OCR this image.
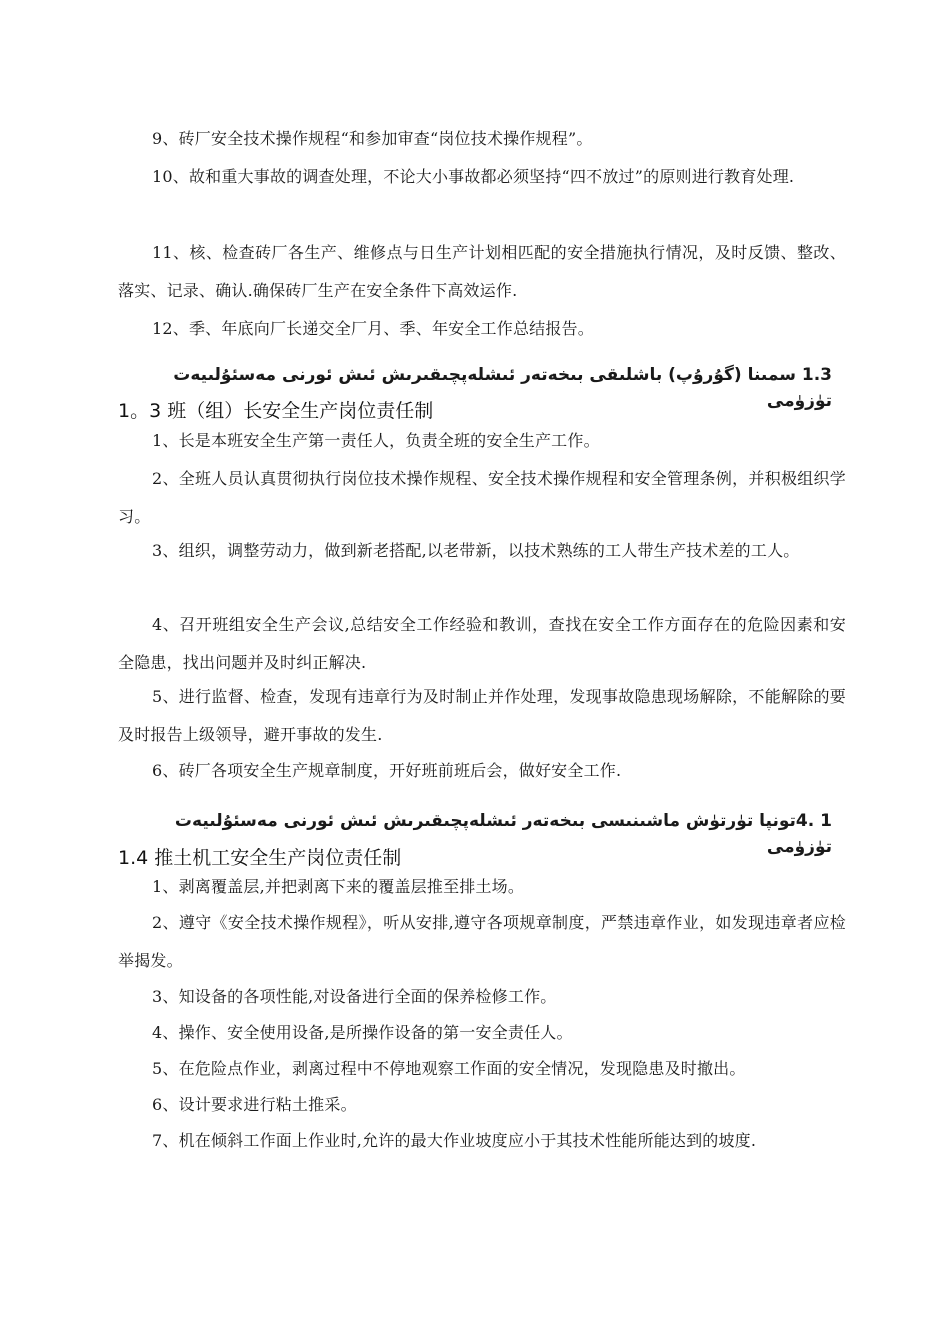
9、砖厂安全技术操作规程“和参加审查“岗位技术操作规程”。

10、故和重大事故的调查处理，不论大小事故都必须坚持“四不放过”的原则进行教育处理.

11、核、检查砖厂各生产、维修点与日生产计划相匹配的安全措施执行情况，及时反馈、整改、落实、记录、确认.确保砖厂生产在安全条件下高效运作.

12、季、年底向厂长递交全厂月、季、年安全工作总结报告。

1.3 سمىنا (گۇرۇپ) باشلىقى بىخەتەر ئىشلەپچىقىرىش ئىش ئورنى مەسئۇلىيەت تۈزۈمى

1。3 班（组）长安全生产岗位责任制

1、长是本班安全生产第一责任人，负责全班的安全生产工作。

2、全班人员认真贯彻执行岗位技术操作规程、安全技术操作规程和安全管理条例，并积极组织学习。

3、组织，调整劳动力，做到新老搭配,以老带新，以技术熟练的工人带生产技术差的工人。

4、召开班组安全生产会议,总结安全工作经验和教训，查找在安全工作方面存在的危险因素和安全隐患，找出问题并及时纠正解决.

5、进行监督、检查，发现有违章行为及时制止并作处理，发现事故隐患现场解除，不能解除的要及时报告上级领导，避开事故的发生.

6、砖厂各项安全生产规章制度，开好班前班后会，做好安全工作.

1 .4تونپا تۈرتۈش ماشىنىسى بىخەتەر ئىشلەپچىقىرىش ئىش ئورنى مەسئۇلىيەت تۈزۈمى

1.4 推土机工安全生产岗位责任制

1、剥离覆盖层,并把剥离下来的覆盖层推至排土场。

2、遵守《安全技术操作规程》，听从安排,遵守各项规章制度，严禁违章作业，如发现违章者应检举揭发。

3、知设备的各项性能,对设备进行全面的保养检修工作。

4、操作、安全使用设备,是所操作设备的第一安全责任人。

5、在危险点作业，剥离过程中不停地观察工作面的安全情况，发现隐患及时撤出。

6、设计要求进行粘土推采。

7、机在倾斜工作面上作业时,允许的最大作业坡度应小于其技术性能所能达到的坡度.
